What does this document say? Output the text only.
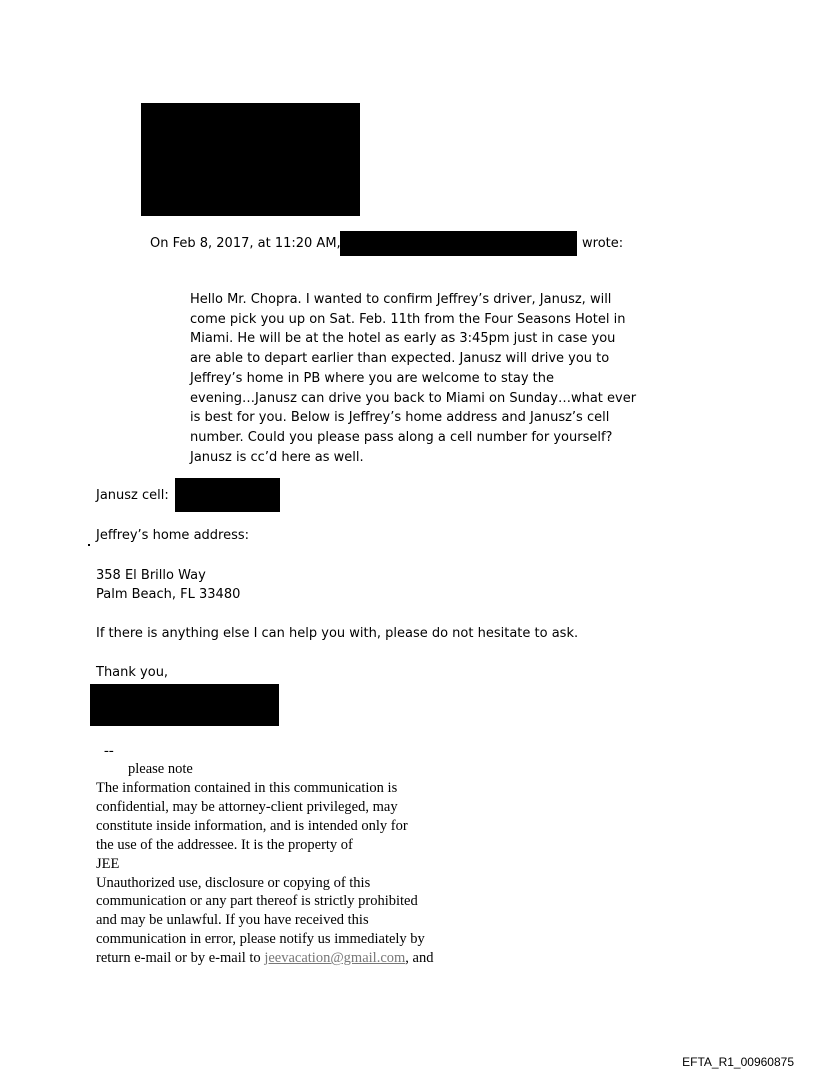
On Feb 8, 2017, at 11:20 AM,	wrote:
Hello Mr. Chopra. I wanted to confirm Jeffrey’s driver, Janusz, will
come pick you up on Sat. Feb. 11th from the Four Seasons Hotel in
Miami. He will be at the hotel as early as 3:45pm just in case you
are able to depart earlier than expected. Janusz will drive you to
Jeffrey’s home in PB where you are welcome to stay the
evening…Janusz can drive you back to Miami on Sunday…what ever
is best for you. Below is Jeffrey’s home address and Janusz’s cell
number. Could you please pass along a cell number for yourself?
Janusz is cc’d here as well.
Janusz cell:
Jeffrey’s home address:
358 El Brillo Way
Palm Beach, FL 33480
If there is anything else I can help you with, please do not hesitate to ask.
Thank you,
--
please note
The information contained in this communication is
confidential, may be attorney-client privileged, may
constitute inside information, and is intended only for
the use of the addressee. It is the property of
JEE
Unauthorized use, disclosure or copying of this
communication or any part thereof is strictly prohibited
and may be unlawful. If you have received this
communication in error, please notify us immediately by
return e-mail or by e-mail to jeevacation@gmail.com, and
EFTA_R1_00960875
